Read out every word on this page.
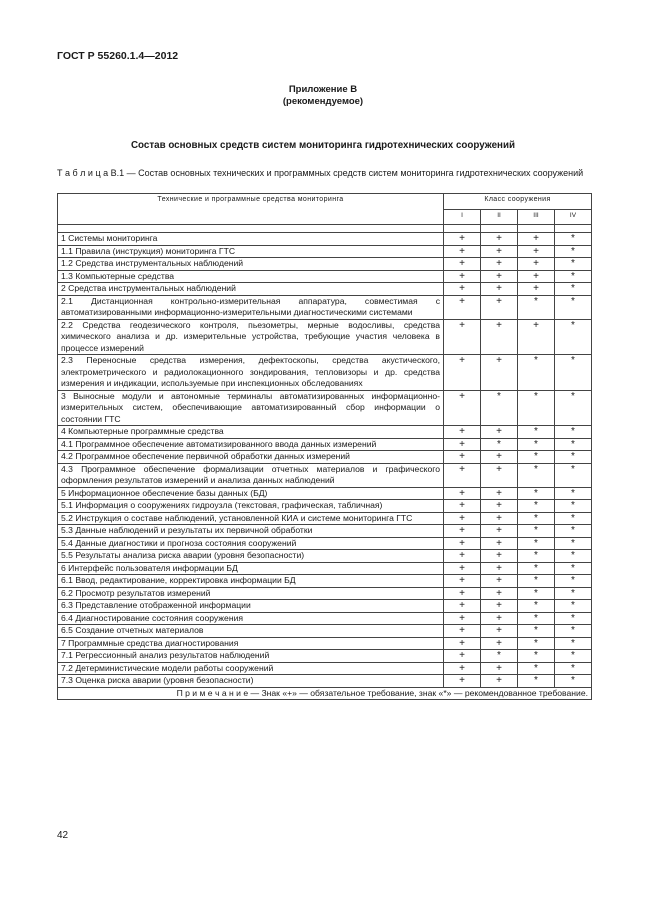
ГОСТ Р 55260.1.4—2012
Приложение В
(рекомендуемое)
Состав основных средств систем мониторинга гидротехнических сооружений
Т а б л и ц а В.1 — Состав основных технических и программных средств систем мониторинга гидротехнических сооружений
Технические и программные средства мониторинга	Класс сооружения			
	I	II	III	IV

1 Системы мониторинга	+	+	+	*
1.1 Правила (инструкция) мониторинга ГТС	+	+	+	*
1.2 Средства инструментальных наблюдений	+	+	+	*
1.3 Компьютерные средства	+	+	+	*
2 Средства инструментальных наблюдений	+	+	+	*
2.1 Дистанционная контрольно-измерительная аппаратура, совместимая с автоматизированными информационно-измерительными диагностическими системами	+	+	*	*
2.2 Средства геодезического контроля, пьезометры, мерные водосливы, средства химического анализа и др. измерительные устройства, требующие участия человека в процессе измерений	+	+	+	*
2.3 Переносные средства измерения, дефектоскопы, средства акустического, электрометрического и радиолокационного зондирования, тепловизоры и др. средства измерения и индикации, используемые при инспекционных обследованиях	+	+	*	*
3 Выносные модули и автономные терминалы автоматизированных информационно-измерительных систем, обеспечивающие автоматизированный сбор информации о состоянии ГТС	+	*	*	*
4 Компьютерные программные средства	+	+	*	*
4.1 Программное обеспечение автоматизированного ввода данных измерений	+	*	*	*
4.2 Программное обеспечение первичной обработки данных измерений	+	+	*	*
4.3 Программное обеспечение формализации отчетных материалов и графического оформления результатов измерений и анализа данных наблюдений	+	+	*	*
5 Информационное обеспечение базы данных (БД)	+	+	*	*
5.1 Информация о сооружениях гидроузла (текстовая, графическая, табличная)	+	+	*	*
5.2 Инструкция о составе наблюдений, установленной КИА и системе мониторинга ГТС	+	+	*	*
5.3 Данные наблюдений и результаты их первичной обработки	+	+	*	*
5.4 Данные диагностики и прогноза состояния сооружений	+	+	*	*
5.5 Результаты анализа риска аварии (уровня безопасности)	+	+	*	*
6 Интерфейс пользователя информации БД	+	+	*	*
6.1 Ввод, редактирование, корректировка информации БД	+	+	*	*
6.2 Просмотр результатов измерений	+	+	*	*
6.3 Представление отображенной информации	+	+	*	*
6.4 Диагностирование состояния сооружения	+	+	*	*
6.5 Создание отчетных материалов	+	+	*	*
7 Программные средства диагностирования	+	+	*	*
7.1 Регрессионный анализ результатов наблюдений	+	*	*	*
7.2 Детерминистические модели работы сооружений	+	+	*	*
7.3 Оценка риска аварии (уровня безопасности)	+	+	*	*
П р и м е ч а н и е — Знак «+» — обязательное требование, знак «*» — рекомендованное требование.				
42
